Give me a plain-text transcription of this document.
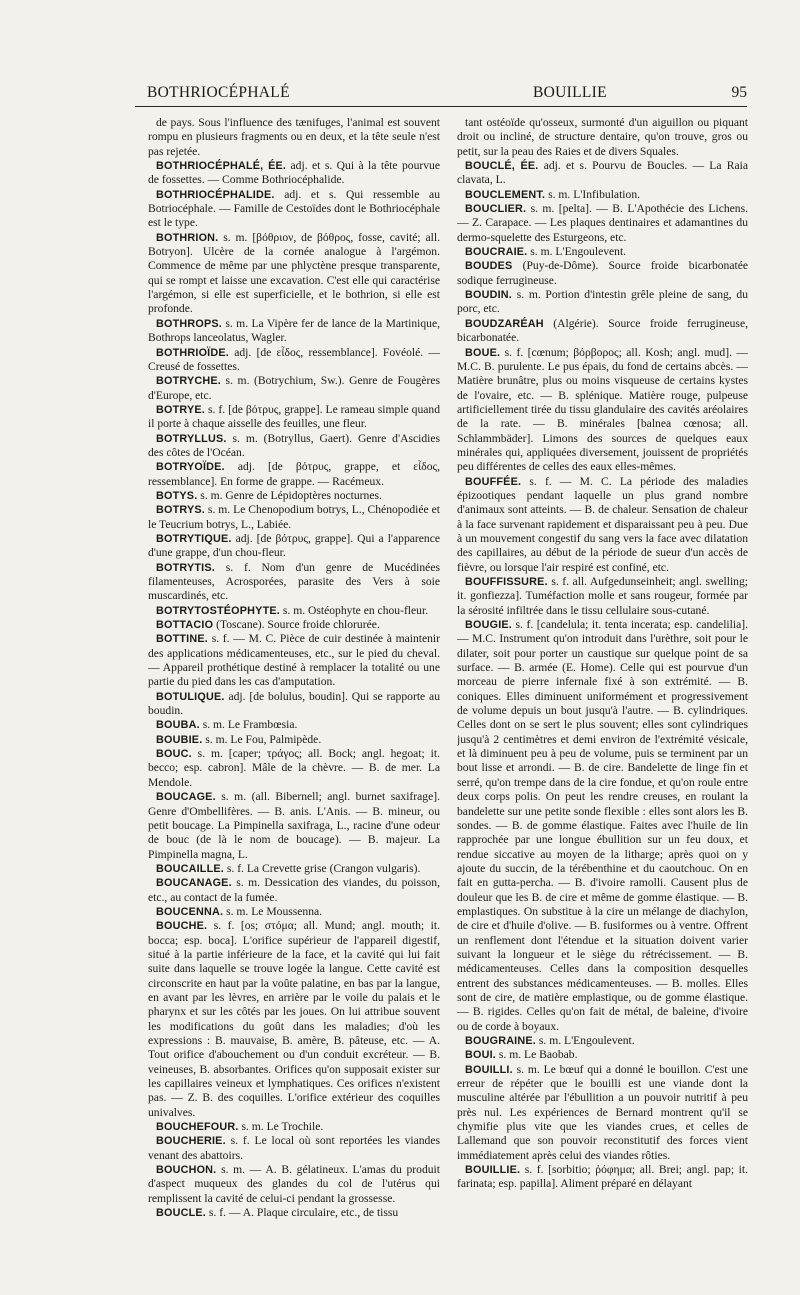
BOTHRIOCÉPHALÉ	BOUILLIE	95

de pays. Sous l'influence des tænifuges, l'animal est souvent rompu en plusieurs fragments ou en deux, et la tête seule n'est pas rejetée.

BOTHRIOCÉPHALÉ, ÉE. adj. et s. Qui à la tête pourvue de fossettes. — Comme Bothriocéphalide.

BOTHRIOCÉPHALIDE. adj. et s. Qui ressemble au Botriocéphale. — Famille de Cestoïdes dont le Bothriocéphale est le type.

BOTHRION. s. m. [βόθριον, de βόθρος, fosse, cavité; all. Botryon]. Ulcère de la cornée analogue à l'argémon. Commence de même par une phlyctène presque transparente, qui se rompt et laisse une excavation. C'est elle qui caractérise l'argémon, si elle est superficielle, et le bothrion, si elle est profonde.

BOTHROPS. s. m. La Vipère fer de lance de la Martinique, Bothrops lanceolatus, Wagler.

BOTHRIOÏDE. adj. [de εἶδος, ressemblance]. Fovéolé. — Creusé de fossettes.

BOTRYCHE. s. m. (Botrychium, Sw.). Genre de Fougères d'Europe, etc.

BOTRYE. s. f. [de βότρυς, grappe]. Le rameau simple quand il porte à chaque aisselle des feuilles, une fleur.

BOTRYLLUS. s. m. (Botryllus, Gaert). Genre d'Ascidies des côtes de l'Océan.

BOTRYOÏDE. adj. [de βότρυς, grappe, et εἶδος, ressemblance]. En forme de grappe. — Racémeux.

BOTYS. s. m. Genre de Lépidoptères nocturnes.

BOTRYS. s. m. Le Chenopodium botrys, L., Chénopodiée et le Teucrium botrys, L., Labiée.

BOTRYTIQUE. adj. [de βότρυς, grappe]. Qui a l'apparence d'une grappe, d'un chou-fleur.

BOTRYTIS. s. f. Nom d'un genre de Mucédinées filamenteuses, Acrosporées, parasite des Vers à soie muscardinés, etc.

BOTRYTOSTÉOPHYTE. s. m. Ostéophyte en chou-fleur.

BOTTACIO (Toscane). Source froide chlorurée.

BOTTINE. s. f. — M. C. Pièce de cuir destinée à maintenir des applications médicamenteuses, etc., sur le pied du cheval. — Appareil prothétique destiné à remplacer la totalité ou une partie du pied dans les cas d'amputation.

BOTULIQUE. adj. [de bolulus, boudin]. Qui se rapporte au boudin.

BOUBA. s. m. Le Frambœsia.

BOUBIE. s. m. Le Fou, Palmipède.

BOUC. s. m. [caper; τράγος; all. Bock; angl. hegoat; it. becco; esp. cabron]. Mâle de la chèvre. — B. de mer. La Mendole.

BOUCAGE. s. m. (all. Bibernell; angl. burnet saxifrage]. Genre d'Ombellifères. — B. anis. L'Anis. — B. mineur, ou petit boucage. La Pimpinella saxifraga, L., racine d'une odeur de bouc (de là le nom de boucage). — B. majeur. La Pimpinella magna, L.

BOUCAILLE. s. f. La Crevette grise (Crangon vulgaris).

BOUCANAGE. s. m. Dessication des viandes, du poisson, etc., au contact de la fumée.

BOUCENNA. s. m. Le Moussenna.

BOUCHE. s. f. [os; στόμα; all. Mund; angl. mouth; it. bocca; esp. boca]. L'orifice supérieur de l'appareil digestif, situé à la partie inférieure de la face, et la cavité qui lui fait suite dans laquelle se trouve logée la langue. Cette cavité est circonscrite en haut par la voûte palatine, en bas par la langue, en avant par les lèvres, en arrière par le voile du palais et le pharynx et sur les côtés par les joues. On lui attribue souvent les modifications du goût dans les maladies; d'où les expressions : B. mauvaise, B. amère, B. pâteuse, etc. — A. Tout orifice d'abouchement ou d'un conduit excréteur. — B. veineuses, B. absorbantes. Orifices qu'on supposait exister sur les capillaires veineux et lymphatiques. Ces orifices n'existent pas. — Z. B. des coquilles. L'orifice extérieur des coquilles univalves.

BOUCHEFOUR. s. m. Le Trochile.

BOUCHERIE. s. f. Le local où sont reportées les viandes venant des abattoirs.

BOUCHON. s. m. — A. B. gélatineux. L'amas du produit d'aspect muqueux des glandes du col de l'utérus qui remplissent la cavité de celui-ci pendant la grossesse.

BOUCLE. s. f. — A. Plaque circulaire, etc., de tissu

tant ostéoïde qu'osseux, surmonté d'un aiguillon ou piquant droit ou incliné, de structure dentaire, qu'on trouve, gros ou petit, sur la peau des Raies et de divers Squales.

BOUCLÉ, ÉE. adj. et s. Pourvu de Boucles. — La Raia clavata, L.

BOUCLEMENT. s. m. L'Infibulation.

BOUCLIER. s. m. [pelta]. — B. L'Apothécie des Lichens. — Z. Carapace. — Les plaques dentinaires et adamantines du dermo-squelette des Esturgeons, etc.

BOUCRAIE. s. m. L'Engoulevent.

BOUDES (Puy-de-Dôme). Source froide bicarbonatée sodique ferrugineuse.

BOUDIN. s. m. Portion d'intestin grêle pleine de sang, du porc, etc.

BOUDZARÉAH (Algérie). Source froide ferrugineuse, bicarbonatée.

BOUE. s. f. [cœnum; βόρβορος; all. Kosh; angl. mud]. — M.C. B. purulente. Le pus épais, du fond de certains abcès. — Matière brunâtre, plus ou moins visqueuse de certains kystes de l'ovaire, etc. — B. splénique. Matière rouge, pulpeuse artificiellement tirée du tissu glandulaire des cavités aréolaires de la rate. — B. minérales [balnea cœnosa; all. Schlammbäder]. Limons des sources de quelques eaux minérales qui, appliquées diversement, jouissent de propriétés peu différentes de celles des eaux elles-mêmes.

BOUFFÉE. s. f. — M. C. La période des maladies épizootiques pendant laquelle un plus grand nombre d'animaux sont atteints. — B. de chaleur. Sensation de chaleur à la face survenant rapidement et disparaissant peu à peu. Due à un mouvement congestif du sang vers la face avec dilatation des capillaires, au début de la période de sueur d'un accès de fièvre, ou lorsque l'air respiré est confiné, etc.

BOUFFISSURE. s. f. all. Aufgedunseinheit; angl. swelling; it. gonfiezza]. Tuméfaction molle et sans rougeur, formée par la sérosité infiltrée dans le tissu cellulaire sous-cutané.

BOUGIE. s. f. [candelula; it. tenta incerata; esp. candelilia]. — M.C. Instrument qu'on introduit dans l'urèthre, soit pour le dilater, soit pour porter un caustique sur quelque point de sa surface. — B. armée (E. Home). Celle qui est pourvue d'un morceau de pierre infernale fixé à son extrémité. — B. coniques. Elles diminuent uniformément et progressivement de volume depuis un bout jusqu'à l'autre. — B. cylindriques. Celles dont on se sert le plus souvent; elles sont cylindriques jusqu'à 2 centimètres et demi environ de l'extrémité vésicale, et là diminuent peu à peu de volume, puis se terminent par un bout lisse et arrondi. — B. de cire. Bandelette de linge fin et serré, qu'on trempe dans de la cire fondue, et qu'on roule entre deux corps polis. On peut les rendre creuses, en roulant la bandelette sur une petite sonde flexible : elles sont alors les B. sondes. — B. de gomme élastique. Faites avec l'huile de lin rapprochée par une longue ébullition sur un feu doux, et rendue siccative au moyen de la litharge; après quoi on y ajoute du succin, de la térébenthine et du caoutchouc. On en fait en gutta-percha. — B. d'ivoire ramolli. Causent plus de douleur que les B. de cire et même de gomme élastique. — B. emplastiques. On substitue à la cire un mélange de diachylon, de cire et d'huile d'olive. — B. fusiformes ou à ventre. Offrent un renflement dont l'étendue et la situation doivent varier suivant la longueur et le siège du rétrécissement. — B. médicamenteuses. Celles dans la composition desquelles entrent des substances médicamenteuses. — B. molles. Elles sont de cire, de matière emplastique, ou de gomme élastique. — B. rigides. Celles qu'on fait de métal, de baleine, d'ivoire ou de corde à boyaux.

BOUGRAINE. s. m. L'Engoulevent.

BOUI. s. m. Le Baobab.

BOUILLI. s. m. Le bœuf qui a donné le bouillon. C'est une erreur de répéter que le bouilli est une viande dont la musculine altérée par l'ébullition a un pouvoir nutritif à peu près nul. Les expériences de Bernard montrent qu'il se chymifie plus vite que les viandes crues, et celles de Lallemand que son pouvoir reconstitutif des forces vient immédiatement après celui des viandes rôties.

BOUILLIE. s. f. [sorbitio; ῥόφημα; all. Brei; angl. pap; it. farinata; esp. papilla]. Aliment préparé en délayant
